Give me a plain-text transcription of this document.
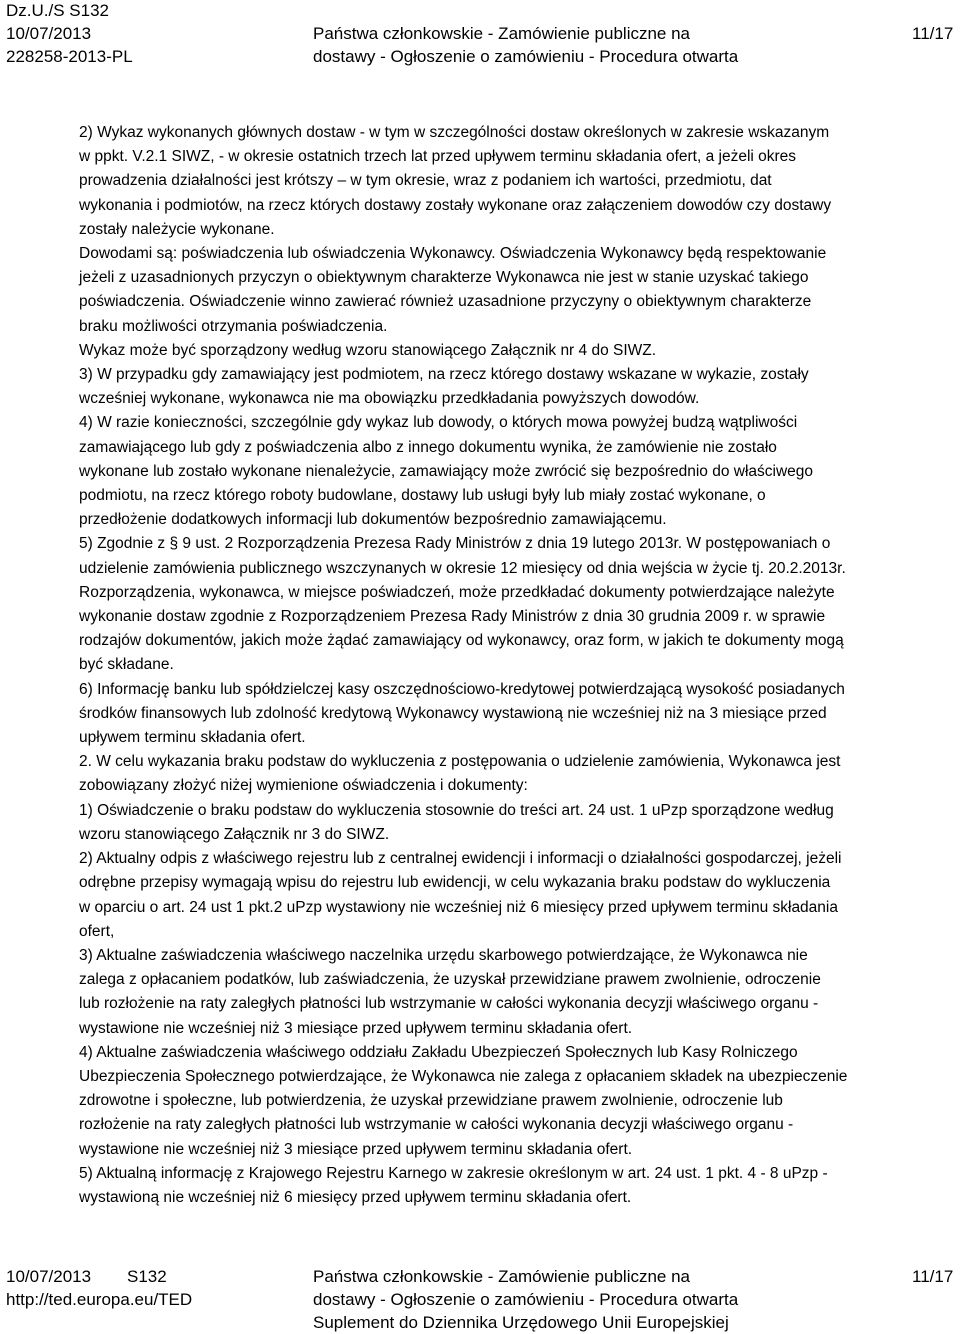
Dz.U./S S132
10/07/2013
228258-2013-PL
Państwa członkowskie - Zamówienie publiczne na
dostawy - Ogłoszenie o zamówieniu - Procedura otwarta
11/17

2) Wykaz wykonanych głównych dostaw - w tym w szczególności dostaw określonych w zakresie wskazanym

w ppkt. V.2.1 SIWZ, - w okresie ostatnich trzech lat przed upływem terminu składania ofert, a jeżeli okres

prowadzenia działalności jest krótszy – w tym okresie, wraz z podaniem ich wartości, przedmiotu, dat

wykonania i podmiotów, na rzecz których dostawy zostały wykonane oraz załączeniem dowodów czy dostawy

zostały należycie wykonane.

Dowodami są: poświadczenia lub oświadczenia Wykonawcy. Oświadczenia Wykonawcy będą respektowanie

jeżeli z uzasadnionych przyczyn o obiektywnym charakterze Wykonawca nie jest w stanie uzyskać takiego

poświadczenia. Oświadczenie winno zawierać również uzasadnione przyczyny o obiektywnym charakterze

braku możliwości otrzymania poświadczenia.

Wykaz może być sporządzony według wzoru stanowiącego Załącznik nr 4 do SIWZ.

3) W przypadku gdy zamawiający jest podmiotem, na rzecz którego dostawy wskazane w wykazie, zostały

wcześniej wykonane, wykonawca nie ma obowiązku przedkładania powyższych dowodów.

4) W razie konieczności, szczególnie gdy wykaz lub dowody, o których mowa powyżej budzą wątpliwości

zamawiającego lub gdy z poświadczenia albo z innego dokumentu wynika, że zamówienie nie zostało

wykonane lub zostało wykonane nienależycie, zamawiający może zwrócić się bezpośrednio do właściwego

podmiotu, na rzecz którego roboty budowlane, dostawy lub usługi były lub miały zostać wykonane, o

przedłożenie dodatkowych informacji lub dokumentów bezpośrednio zamawiającemu.

5) Zgodnie z § 9 ust. 2 Rozporządzenia Prezesa Rady Ministrów z dnia 19 lutego 2013r. W postępowaniach o

udzielenie zamówienia publicznego wszczynanych w okresie 12 miesięcy od dnia wejścia w życie tj. 20.2.2013r.

Rozporządzenia, wykonawca, w miejsce poświadczeń, może przedkładać dokumenty potwierdzające należyte

wykonanie dostaw zgodnie z Rozporządzeniem Prezesa Rady Ministrów z dnia 30 grudnia 2009 r. w sprawie

rodzajów dokumentów, jakich może żądać zamawiający od wykonawcy, oraz form, w jakich te dokumenty mogą

być składane.

6) Informację banku lub spółdzielczej kasy oszczędnościowo-kredytowej potwierdzającą wysokość posiadanych

środków finansowych lub zdolność kredytową Wykonawcy wystawioną nie wcześniej niż na 3 miesiące przed

upływem terminu składania ofert.

2. W celu wykazania braku podstaw do wykluczenia z postępowania o udzielenie zamówienia, Wykonawca jest

zobowiązany złożyć niżej wymienione oświadczenia i dokumenty:

1) Oświadczenie o braku podstaw do wykluczenia stosownie do treści art. 24 ust. 1 uPzp sporządzone według

wzoru stanowiącego Załącznik nr 3 do SIWZ.

2) Aktualny odpis z właściwego rejestru lub z centralnej ewidencji i informacji o działalności gospodarczej, jeżeli

odrębne przepisy wymagają wpisu do rejestru lub ewidencji, w celu wykazania braku podstaw do wykluczenia

w oparciu o art. 24 ust 1 pkt.2 uPzp wystawiony nie wcześniej niż 6 miesięcy przed upływem terminu składania

ofert,

3) Aktualne zaświadczenia właściwego naczelnika urzędu skarbowego potwierdzające, że Wykonawca nie

zalega z opłacaniem podatków, lub zaświadczenia, że uzyskał przewidziane prawem zwolnienie, odroczenie

lub rozłożenie na raty zaległych płatności lub wstrzymanie w całości wykonania decyzji właściwego organu -

wystawione nie wcześniej niż 3 miesiące przed upływem terminu składania ofert.

4) Aktualne zaświadczenia właściwego oddziału Zakładu Ubezpieczeń Społecznych lub Kasy Rolniczego

Ubezpieczenia Społecznego potwierdzające, że Wykonawca nie zalega z opłacaniem składek na ubezpieczenie

zdrowotne i społeczne, lub potwierdzenia, że uzyskał przewidziane prawem zwolnienie, odroczenie lub

rozłożenie na raty zaległych płatności lub wstrzymanie w całości wykonania decyzji właściwego organu -

wystawione nie wcześniej niż 3 miesiące przed upływem terminu składania ofert.

5) Aktualną informację z Krajowego Rejestru Karnego w zakresie określonym w art. 24 ust. 1 pkt. 4 - 8 uPzp -

wystawioną nie wcześniej niż 6 miesięcy przed upływem terminu składania ofert.

10/07/2013 S132
http://ted.europa.eu/TED
Państwa członkowskie - Zamówienie publiczne na
dostawy - Ogłoszenie o zamówieniu - Procedura otwarta
Suplement do Dziennika Urzędowego Unii Europejskiej
11/17
